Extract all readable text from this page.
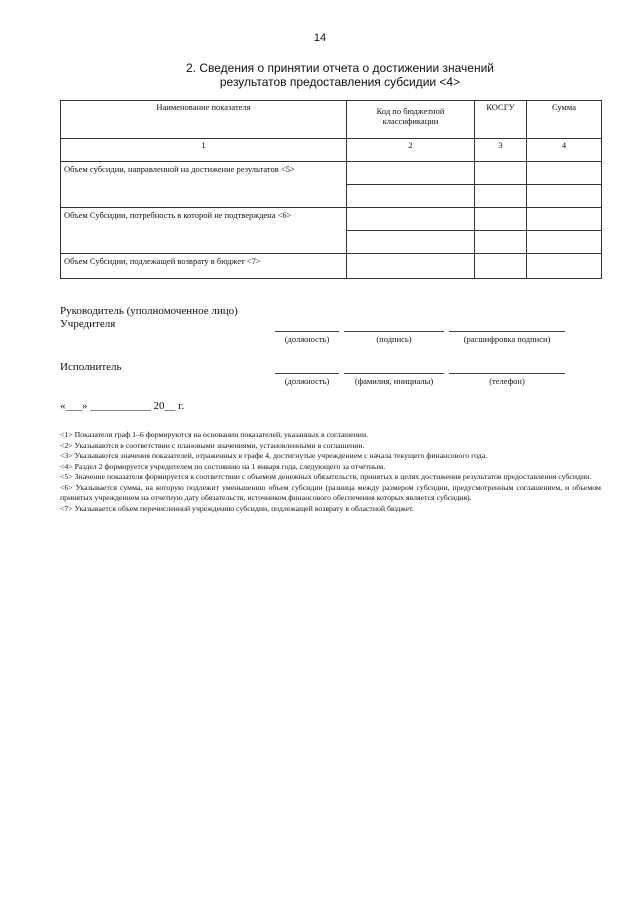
14
2. Сведения о принятии отчета о достижении значений
результатов предоставления субсидии <4>
Наименование показателя	Код по бюджетной классификации	КОСГУ	Сумма
1	2	3	4
Объем субсидии, направленной на достижение результатов <5>			

Объем Субсидии, потребность в которой не подтверждена <6>			

Объем Субсидии, подлежащей возврату в бюджет <7>			
Руководитель (уполномоченное лицо)
Учредителя
(должность)	(подпись)	(расшифровка подписи)
Исполнитель
(должность)	(фамилия, инициалы)	(телефон)
«___» ___________ 20__ г.

<1> Показатели граф 1–6 формируются на основании показателей, указанных в соглашении.

<2> Указываются в соответствии с плановыми значениями, установленными в соглашении.

<3> Указываются значения показателей, отраженных в графе 4, достигнутые учреждением с начала текущего финансового года.

<4> Раздел 2 формируется учредителем по состоянию на 1 января года, следующего за отчетным.

<5> Значение показателя формируется в соответствии с объемом денежных обязательств, принятых в целях достижения результатов предоставления субсидии.

<6> Указывается сумма, на которую подлежит уменьшению объем субсидии (разница между размером субсидии, предусмотренным соглашением, и объемом принятых учреждением на отчетную дату обязательств, источником финансового обеспечения которых является субсидия).

<7> Указывается объем перечисленной учреждению субсидии, подлежащей возврату в областной бюджет.
